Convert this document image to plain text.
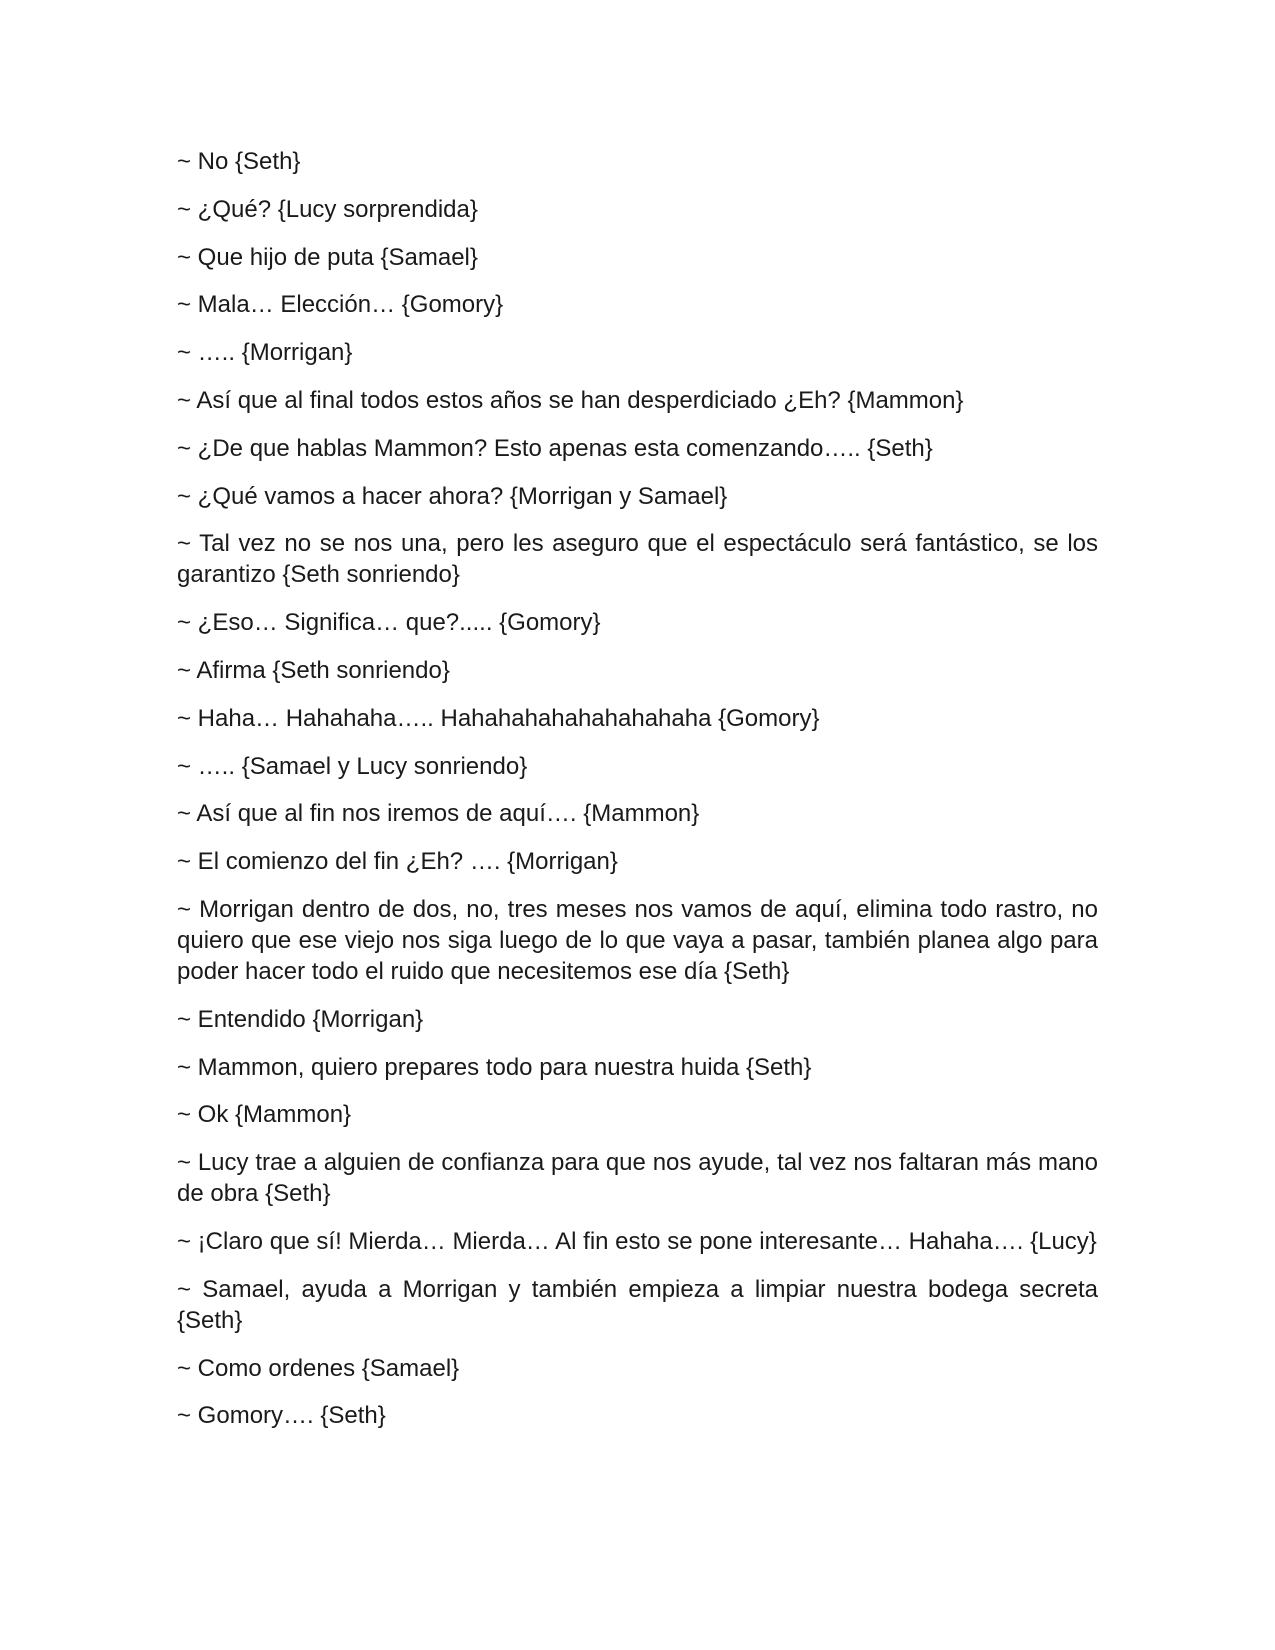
~ No {Seth}

~ ¿Qué? {Lucy sorprendida}

~ Que hijo de puta {Samael}

~ Mala… Elección… {Gomory}

~ ….. {Morrigan}

~ Así que al final todos estos años se han desperdiciado ¿Eh? {Mammon}

~ ¿De que hablas Mammon? Esto apenas esta comenzando….. {Seth}

~ ¿Qué vamos a hacer ahora? {Morrigan y Samael}

~ Tal vez no se nos una, pero les aseguro que el espectáculo será fantástico, se los garantizo {Seth sonriendo}

~ ¿Eso… Significa… que?..... {Gomory}

~ Afirma {Seth sonriendo}

~ Haha… Hahahaha….. Hahahahahahahahahaha {Gomory}

~ ….. {Samael y Lucy sonriendo}

~ Así que al fin nos iremos de aquí…. {Mammon}

~ El comienzo del fin ¿Eh? …. {Morrigan}

~ Morrigan dentro de dos, no, tres meses nos vamos de aquí, elimina todo rastro, no quiero que ese viejo nos siga luego de lo que vaya a pasar, también planea algo para poder hacer todo el ruido que necesitemos ese día {Seth}

~ Entendido {Morrigan}

~ Mammon, quiero prepares todo para nuestra huida {Seth}

~ Ok {Mammon}

~ Lucy trae a alguien de confianza para que nos ayude, tal vez nos faltaran más mano de obra {Seth}

~ ¡Claro que sí! Mierda… Mierda… Al fin esto se pone interesante… Hahaha…. {Lucy}

~ Samael, ayuda a Morrigan y también empieza a limpiar nuestra bodega secreta {Seth}

~ Como ordenes {Samael}

~ Gomory…. {Seth}
